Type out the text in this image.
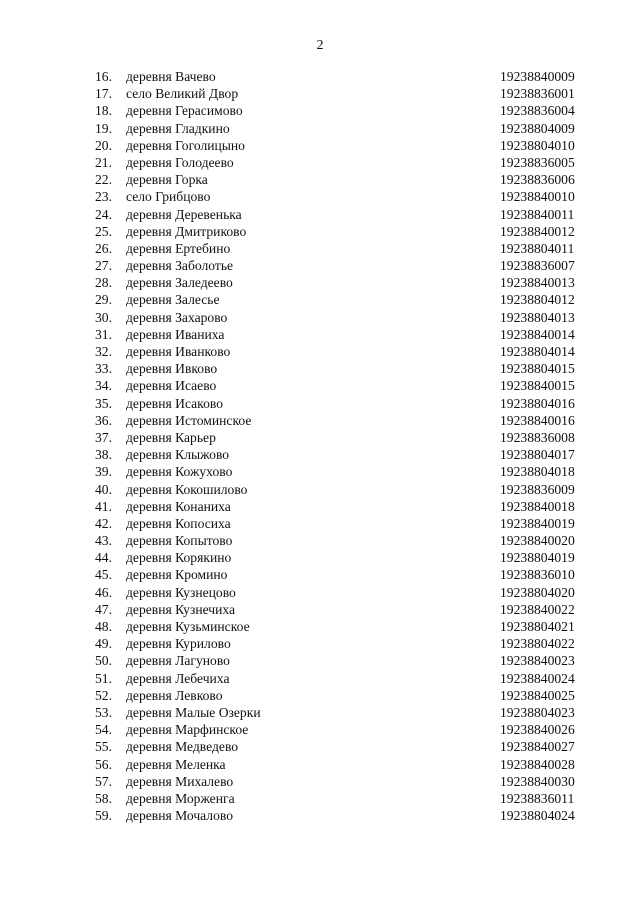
2
16. деревня Вачево	19238840009
17. село Великий Двор	19238836001
18. деревня Герасимово	19238836004
19. деревня Гладкино	19238804009
20. деревня Гоголицыно	19238804010
21. деревня Голодеево	19238836005
22. деревня Горка	19238836006
23. село Грибцово	19238840010
24. деревня Деревенька	19238840011
25. деревня Дмитриково	19238840012
26. деревня Ертебино	19238804011
27. деревня Заболотье	19238836007
28. деревня Заледеево	19238840013
29. деревня Залесье	19238804012
30. деревня Захарово	19238804013
31. деревня Иваниха	19238840014
32. деревня Иванково	19238804014
33. деревня Ивково	19238804015
34. деревня Исаево	19238840015
35. деревня Исаково	19238804016
36. деревня Истоминское	19238840016
37. деревня Карьер	19238836008
38. деревня Клыжово	19238804017
39. деревня Кожухово	19238804018
40. деревня Кокошилово	19238836009
41. деревня Конаниха	19238840018
42. деревня Копосиха	19238840019
43. деревня Копытово	19238840020
44. деревня Корякино	19238804019
45. деревня Кромино	19238836010
46. деревня Кузнецово	19238804020
47. деревня Кузнечиха	19238840022
48. деревня Кузьминское	19238804021
49. деревня Курилово	19238804022
50. деревня Лагуново	19238840023
51. деревня Лебечиха	19238840024
52. деревня Левково	19238840025
53. деревня Малые Озерки	19238804023
54. деревня Марфинское	19238840026
55. деревня Медведево	19238840027
56. деревня Меленка	19238840028
57. деревня Михалево	19238840030
58. деревня Морженга	19238836011
59. деревня Мочалово	19238804024
